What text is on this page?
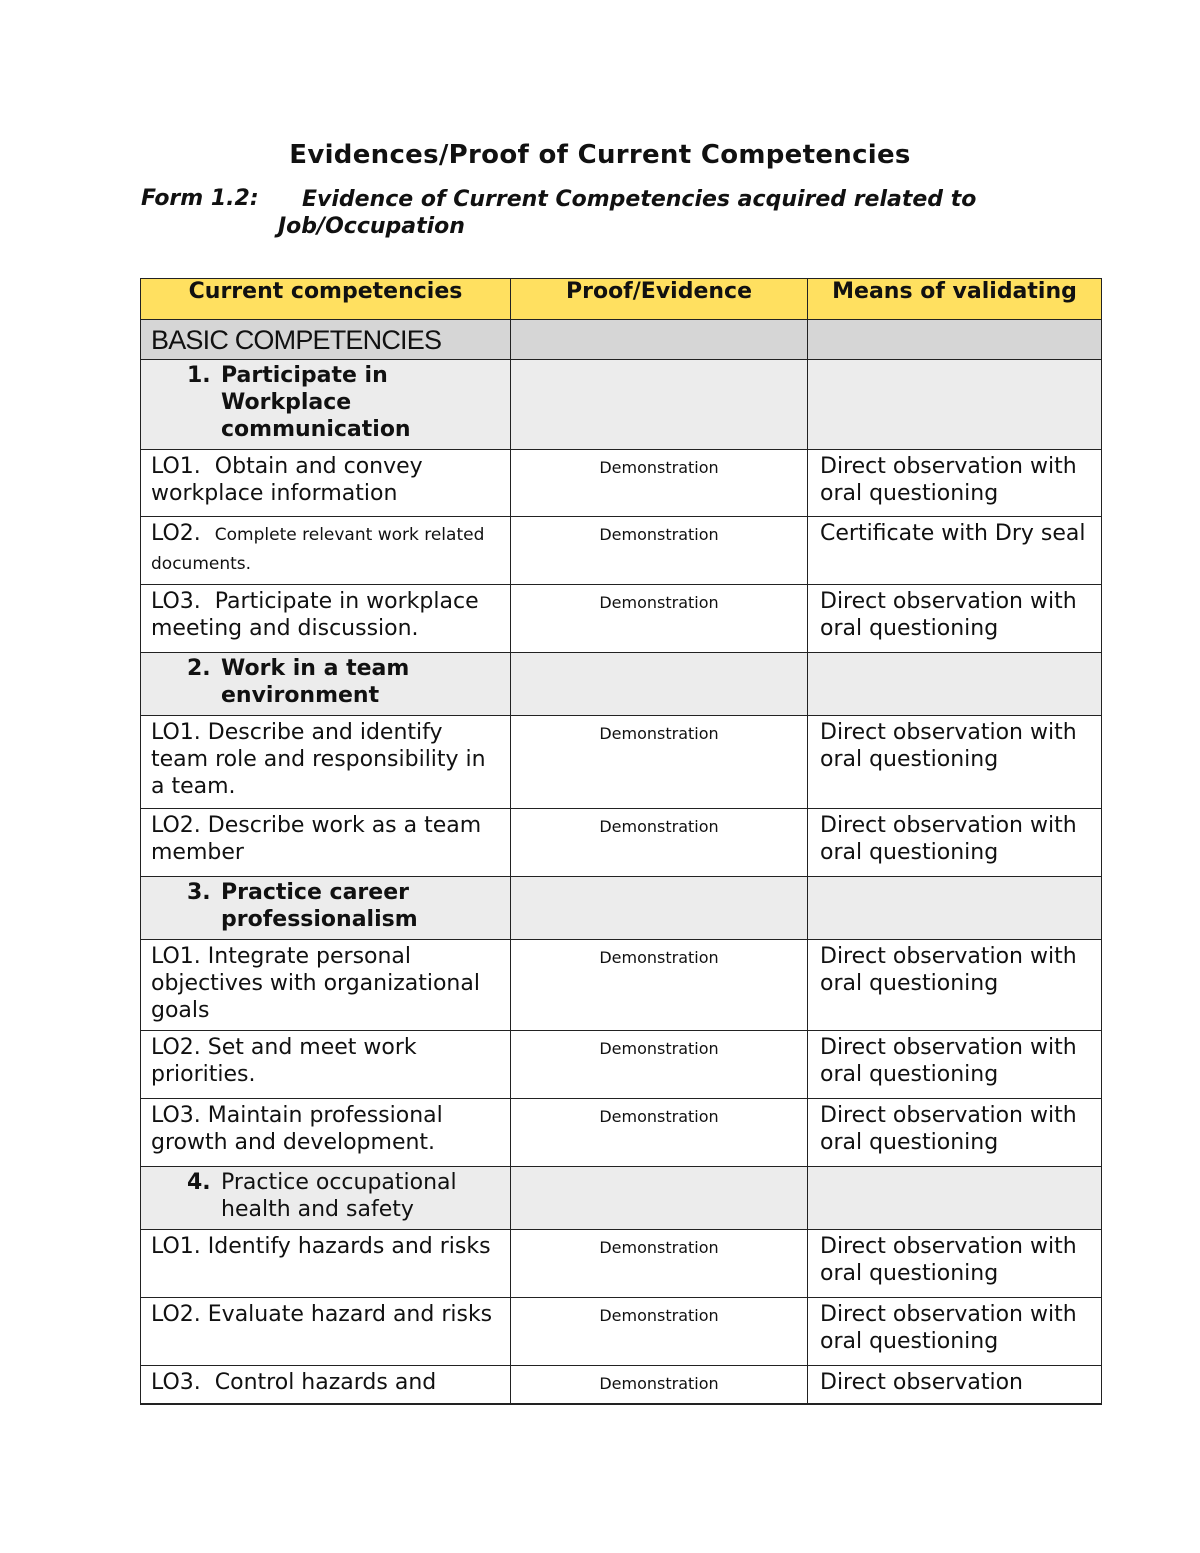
Evidences/Proof of Current Competencies
Form 1.2:	Evidence of Current Competencies acquired related to Job/Occupation
Current competencies	Proof/Evidence	Means of validating

BASIC COMPETENCIES		

1. Participate in Workplace communication		

LO1. Obtain and convey workplace information	Demonstration	Direct observation with oral questioning
LO2. Complete relevant work related documents.	Demonstration	Certificate with Dry seal
LO3. Participate in workplace meeting and discussion.	Demonstration	Direct observation with oral questioning

2. Work in a team environment		

LO1. Describe and identify team role and responsibility in a team.	Demonstration	Direct observation with oral questioning
LO2. Describe work as a team member	Demonstration	Direct observation with oral questioning

3. Practice career professionalism		

LO1. Integrate personal objectives with organizational goals	Demonstration	Direct observation with oral questioning
LO2. Set and meet work priorities.	Demonstration	Direct observation with oral questioning
LO3. Maintain professional growth and development.	Demonstration	Direct observation with oral questioning

4. Practice occupational health and safety		

LO1. Identify hazards and risks	Demonstration	Direct observation with oral questioning
LO2. Evaluate hazard and risks	Demonstration	Direct observation with oral questioning
LO3. Control hazards and	Demonstration	Direct observation
